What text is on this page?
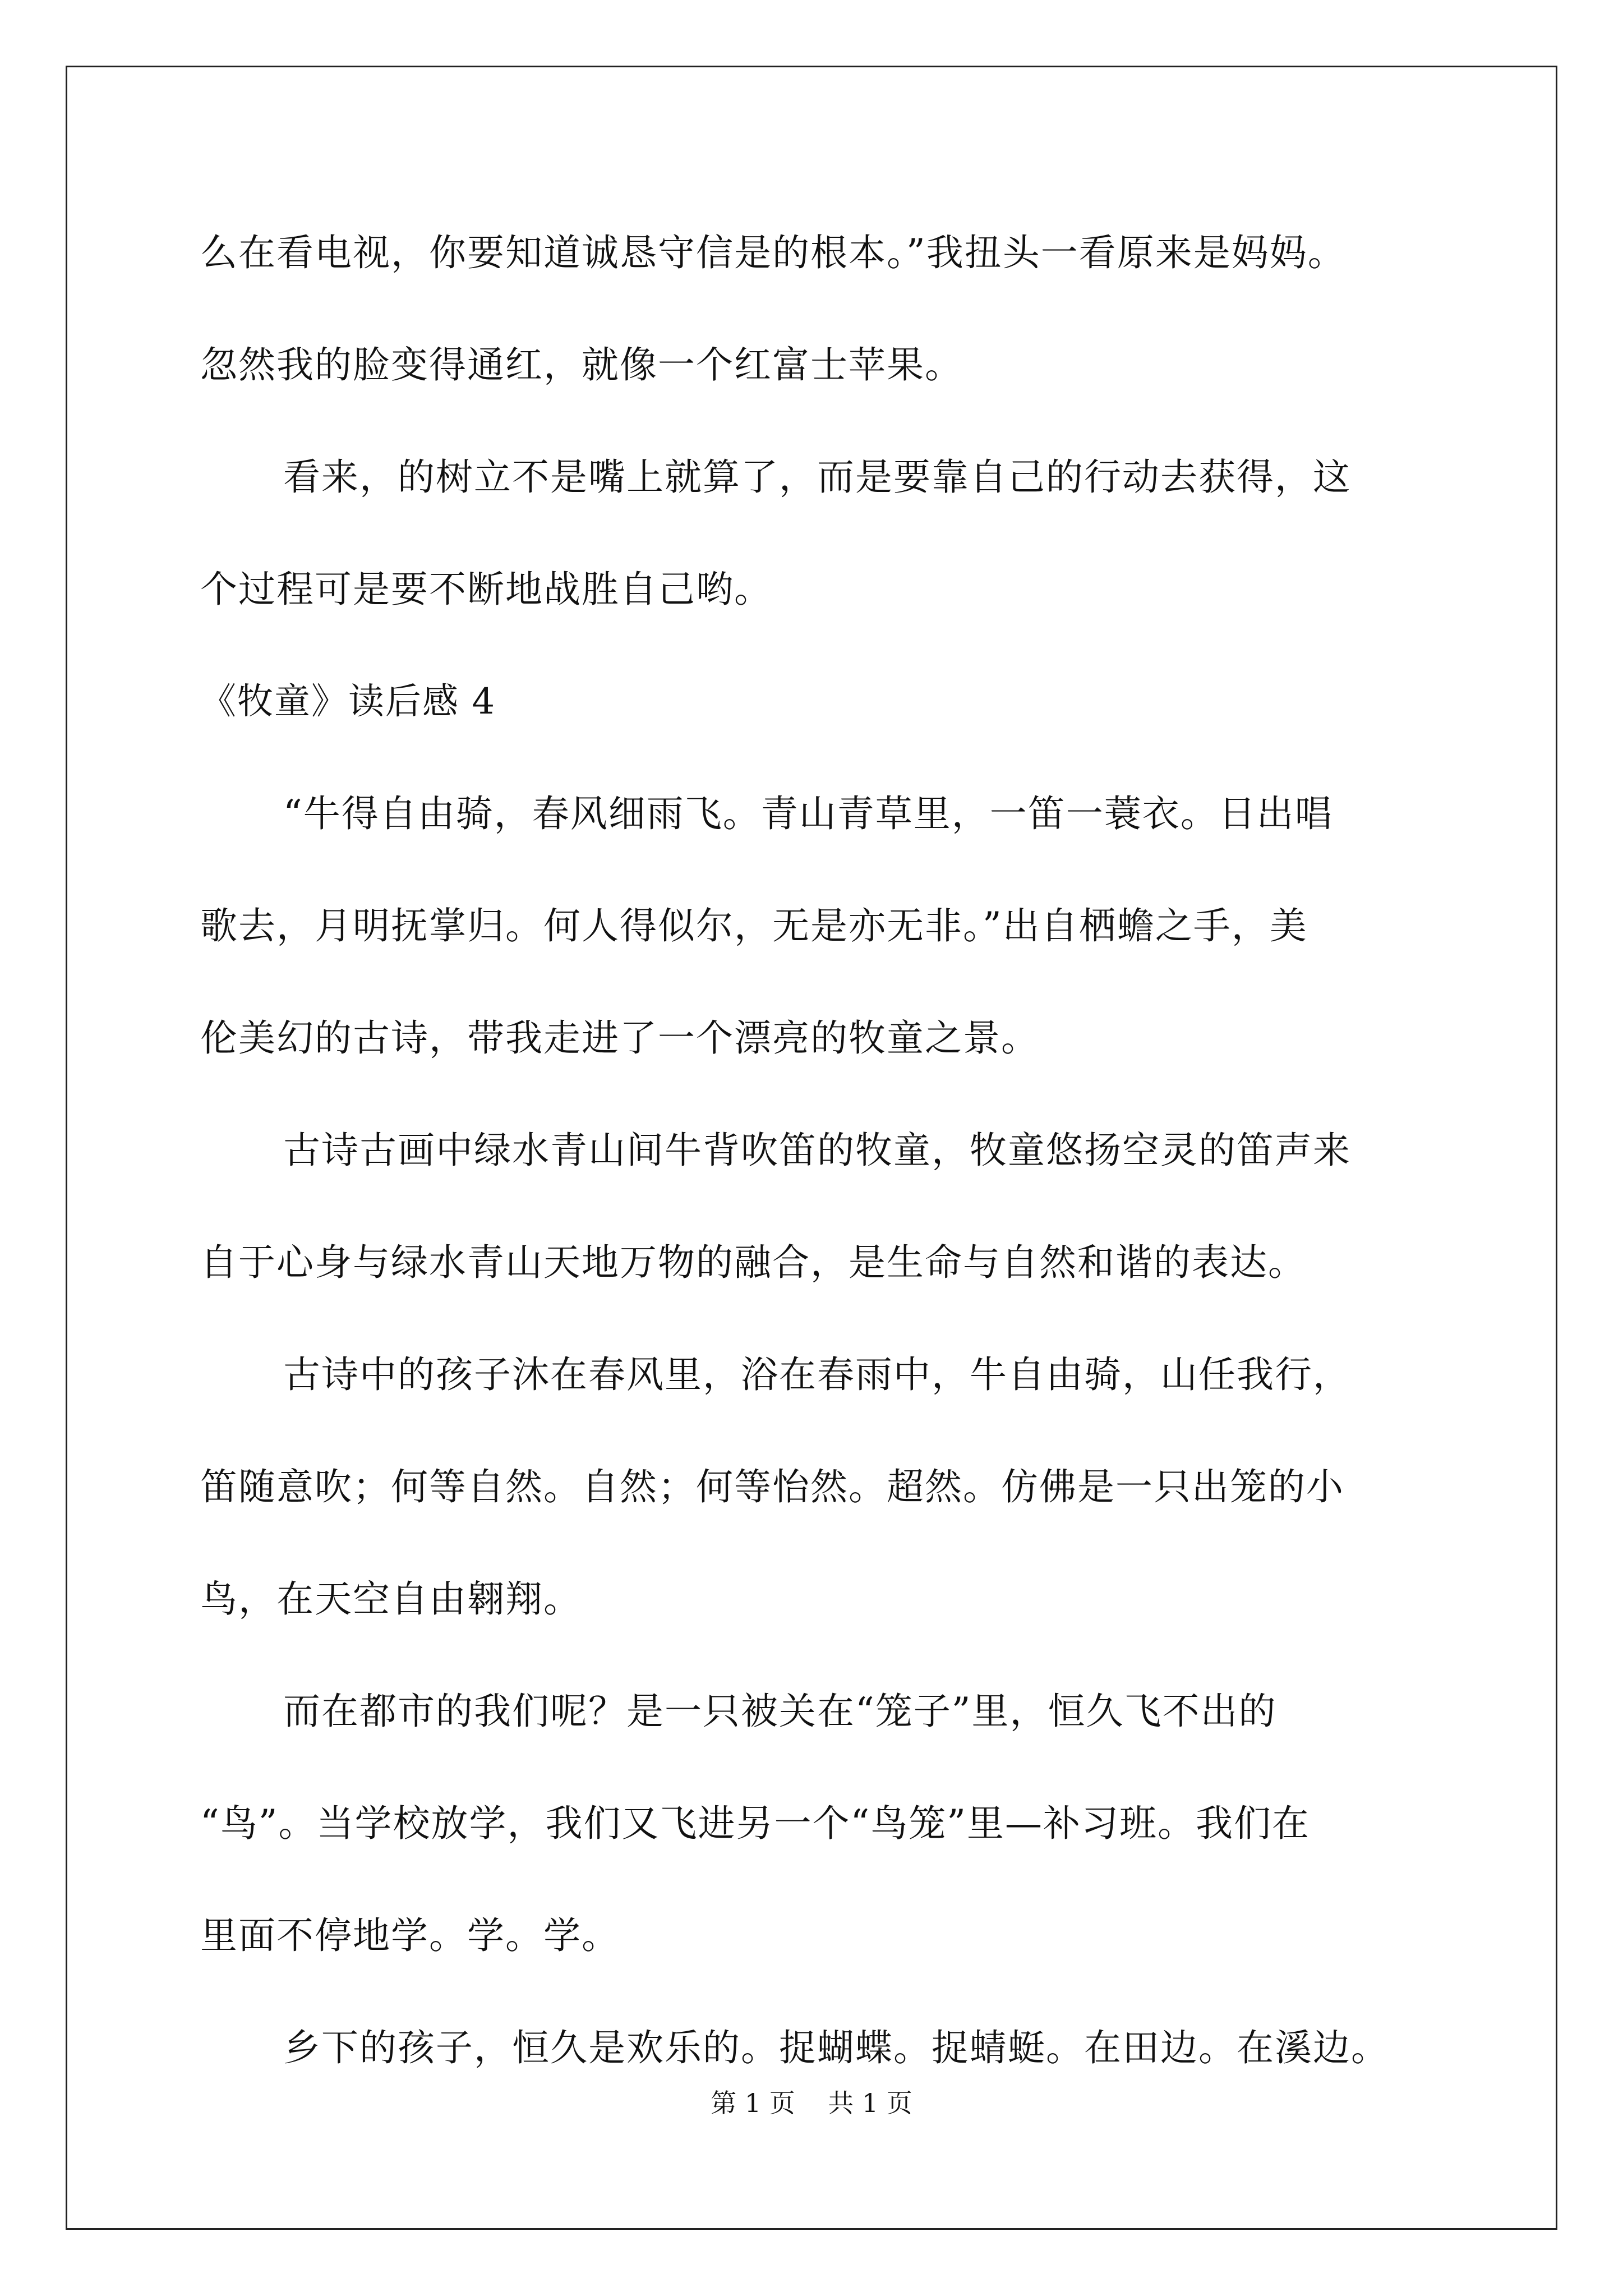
么在看电视，你要知道诚恳守信是的根本。”我扭头一看原来是妈妈。
忽然我的脸变得通红，就像一个红富士苹果。
看来，的树立不是嘴上就算了，而是要靠自己的行动去获得，这
个过程可是要不断地战胜自己哟。
《牧童》读后感 4
“牛得自由骑，春风细雨飞。青山青草里，一笛一蓑衣。日出唱
歌去，月明抚掌归。何人得似尔，无是亦无非。”出自栖蟾之手，美
伦美幻的古诗，带我走进了一个漂亮的牧童之景。
古诗古画中绿水青山间牛背吹笛的牧童，牧童悠扬空灵的笛声来
自于心身与绿水青山天地万物的融合，是生命与自然和谐的表达。
古诗中的孩子沐在春风里，浴在春雨中，牛自由骑，山任我行，
笛随意吹；何等自然。自然；何等怡然。超然。仿佛是一只出笼的小
鸟，在天空自由翱翔。
而在都市的我们呢？是一只被关在“笼子”里，恒久飞不出的
“鸟”。当学校放学，我们又飞进另一个“鸟笼”里—补习班。我们在
里面不停地学。学。学。
乡下的孩子，恒久是欢乐的。捉蝴蝶。捉蜻蜓。在田边。在溪边。
第 1 页    共 1 页
